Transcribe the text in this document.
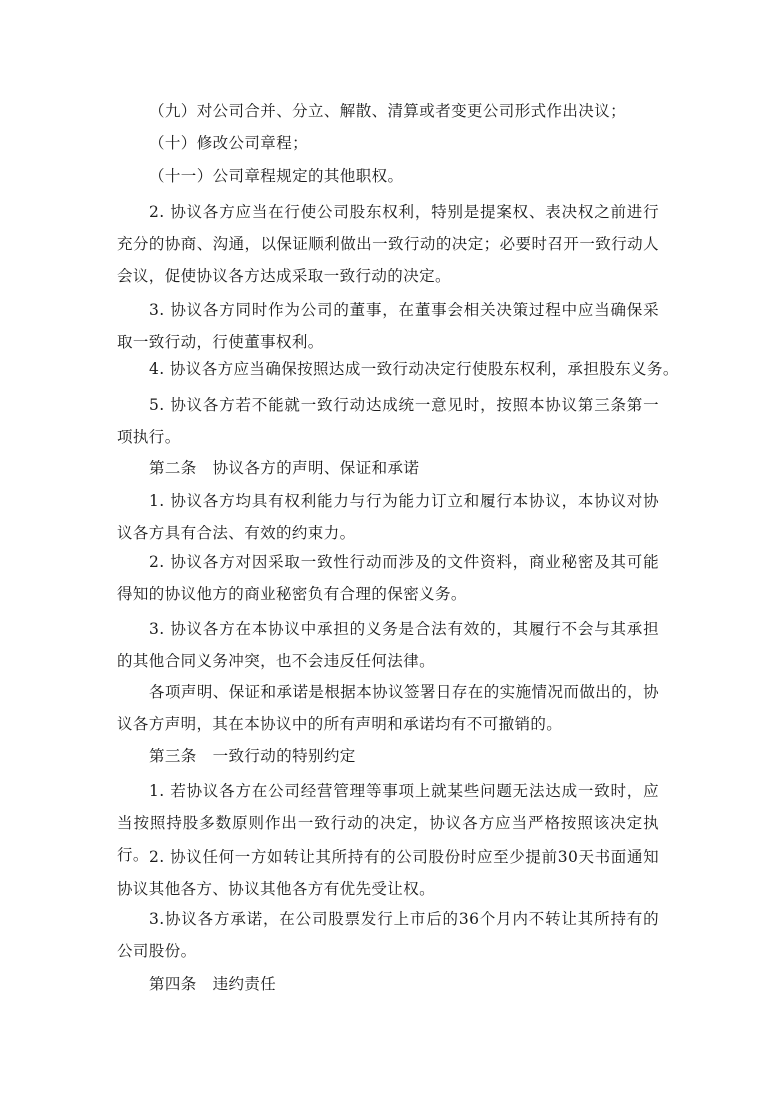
（九）对公司合并、分立、解散、清算或者变更公司形式作出决议；

（十）修改公司章程；

（十一）公司章程规定的其他职权。

2. 协议各方应当在行使公司股东权利，特别是提案权、表决权之前进行充分的协商、沟通，以保证顺利做出一致行动的决定；必要时召开一致行动人会议，促使协议各方达成采取一致行动的决定。

3. 协议各方同时作为公司的董事，在董事会相关决策过程中应当确保采取一致行动，行使董事权利。

4. 协议各方应当确保按照达成一致行动决定行使股东权利，承担股东义务。

5. 协议各方若不能就一致行动达成统一意见时，按照本协议第三条第一项执行。

第二条　协议各方的声明、保证和承诺

1. 协议各方均具有权利能力与行为能力订立和履行本协议，本协议对协议各方具有合法、有效的约束力。

2. 协议各方对因采取一致性行动而涉及的文件资料，商业秘密及其可能得知的协议他方的商业秘密负有合理的保密义务。

3. 协议各方在本协议中承担的义务是合法有效的，其履行不会与其承担的其他合同义务冲突，也不会违反任何法律。

各项声明、保证和承诺是根据本协议签署日存在的实施情况而做出的，协议各方声明，其在本协议中的所有声明和承诺均有不可撤销的。

第三条　一致行动的特别约定

1. 若协议各方在公司经营管理等事项上就某些问题无法达成一致时，应当按照持股多数原则作出一致行动的决定，协议各方应当严格按照该决定执行。 2. 协议任何一方如转让其所持有的公司股份时应至少提前30天书面通知协议其他各方、协议其他各方有优先受让权。

3.协议各方承诺，在公司股票发行上市后的36个月内不转让其所持有的公司股份。

第四条　违约责任
